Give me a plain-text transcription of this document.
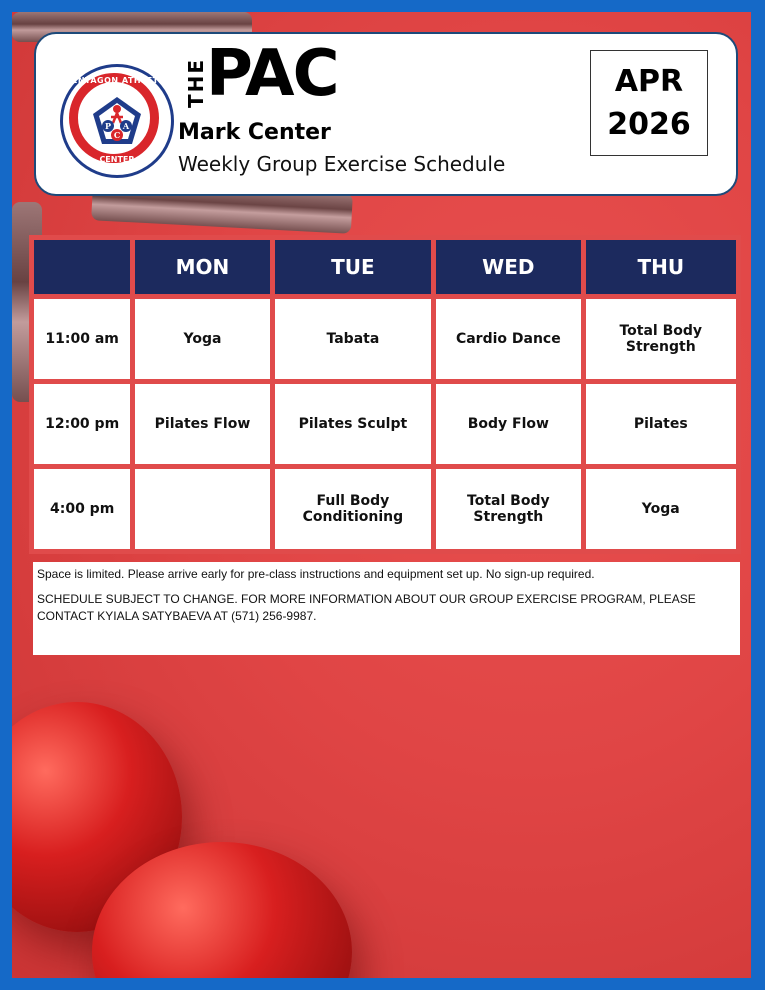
PENTAGON ATHLETIC
CENTER
P A
C
THE
PAC
Mark Center
Weekly Group Exercise Schedule
APR
2026
	MON	TUE	WED	THU
11:00 am	Yoga	Tabata	Cardio Dance	Total Body Strength
12:00 pm	Pilates Flow	Pilates Sculpt	Body Flow	Pilates
4:00 pm		Full Body Conditioning	Total Body Strength	Yoga

Space is limited. Please arrive early for pre-class instructions and equipment set up. No sign-up required.

SCHEDULE SUBJECT TO CHANGE. FOR MORE INFORMATION ABOUT OUR GROUP EXERCISE PROGRAM, PLEASE CONTACT KYIALA SATYBAEVA AT (571) 256-9987.
